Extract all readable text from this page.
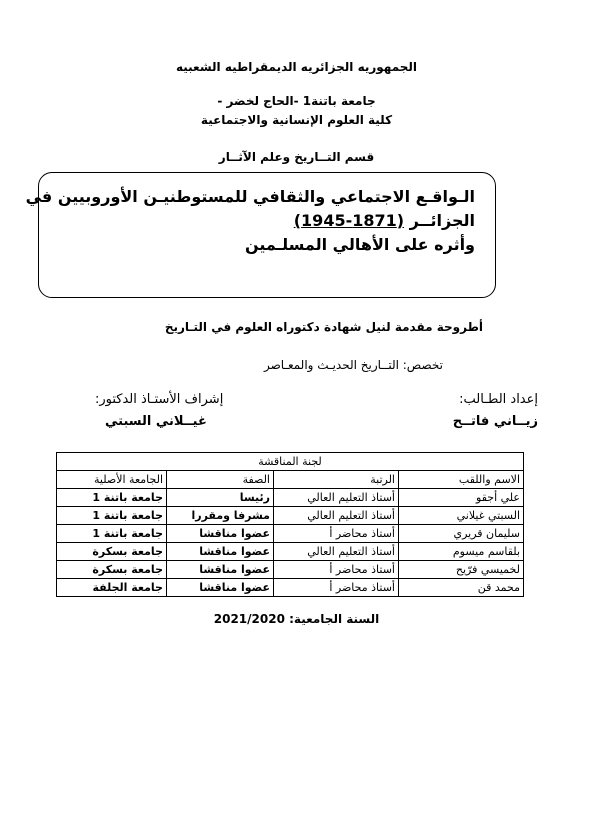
الجمهوريه الجزائريه الديمقراطيه الشعبيه
جامعة باتنة1 -الحاج لخضر -
كلية العلوم الإنسانية والاجتماعية
قسم التــاريخ وعلم الآثــار
الـواقـع الاجتماعي والثقافي للمستوطنيـن الأوروبيين في
الجزائــر (1871-1945)
وأثره على الأهالي المسلـمين
أطروحة مقدمة لنيل شهادة دكتوراه العلوم في التـاريخ
تخصص: التــاريخ الحديـث والمعـاصر
إعداد الطـالب:
زيــاني فاتــح
إشراف الأستـاذ الدكتور:
غيــلاني السبتي
لجنة المناقشة			
الاسم واللقب	الرتبة	الصفة	الجامعة الأصلية
علي أجقو	أستاذ التعليم العالي	رئيسا	جامعة باتنة 1
السبتي غيلاني	أستاذ التعليم العالي	مشرفا ومقررا	جامعة باتنة 1
سليمان قريري	أستاذ محاضر أ	عضوا مناقشا	جامعة باتنة 1
بلقاسم ميسوم	أستاذ التعليم العالي	عضوا مناقشا	جامعة بسكرة
لخميسي فرّيح	أستاذ محاضر أ	عضوا مناقشا	جامعة بسكرة
محمد قن	أستاذ محاضر أ	عضوا مناقشا	جامعة الجلفة
السنة الجامعية: 2021/2020
